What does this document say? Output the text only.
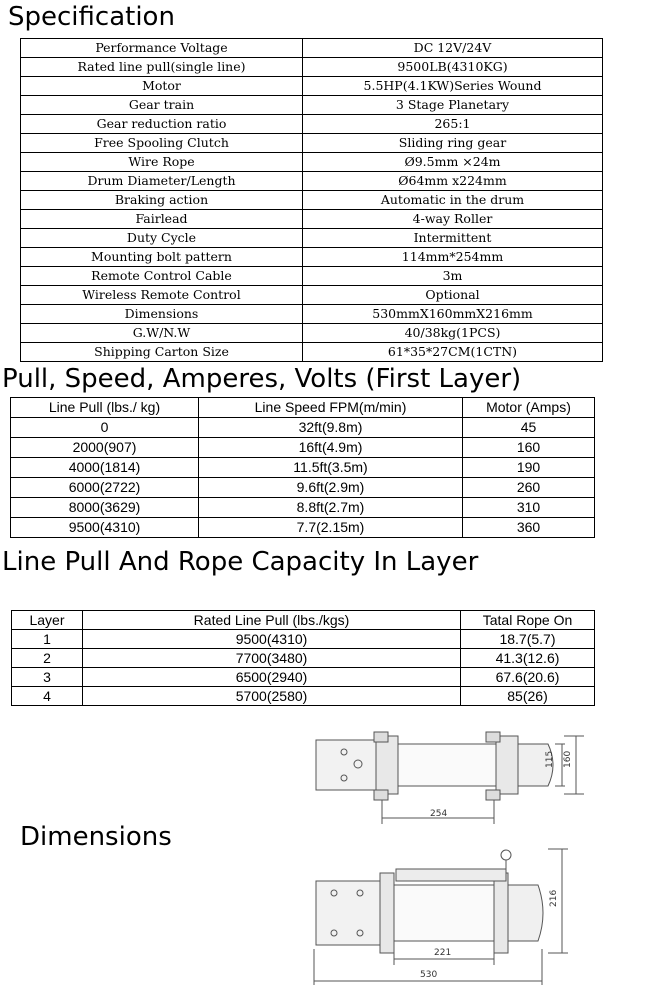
Specification
Performance Voltage	DC 12V/24V
Rated line pull(single line)	9500LB(4310KG)
Motor	5.5HP(4.1KW)Series Wound
Gear train	3 Stage Planetary
Gear reduction ratio	265:1
Free Spooling Clutch	Sliding ring gear
Wire Rope	Ø9.5mm ×24m
Drum Diameter/Length	Ø64mm x224mm
Braking action	Automatic in the drum
Fairlead	4-way Roller
Duty Cycle	Intermittent
Mounting bolt pattern	114mm*254mm
Remote Control Cable	3m
Wireless Remote Control	Optional
Dimensions	530mmX160mmX216mm
G.W/N.W	40/38kg(1PCS)
Shipping Carton Size	61*35*27CM(1CTN)
Pull, Speed, Amperes, Volts (First Layer)
Line Pull (lbs./ kg)	Line Speed FPM(m/min)	Motor (Amps)
0	32ft(9.8m)	45
2000(907)	16ft(4.9m)	160
4000(1814)	11.5ft(3.5m)	190
6000(2722)	9.6ft(2.9m)	260
8000(3629)	8.8ft(2.7m)	310
9500(4310)	7.7(2.15m)	360
Line Pull And Rope Capacity In Layer
Layer	Rated Line Pull (lbs./kgs)	Tatal Rope On
1	9500(4310)	18.7(5.7)
2	7700(3480)	41.3(12.6)
3	6500(2940)	67.6(20.6)
4	5700(2580)	85(26)
Dimensions
115 160
254
216
221
530
